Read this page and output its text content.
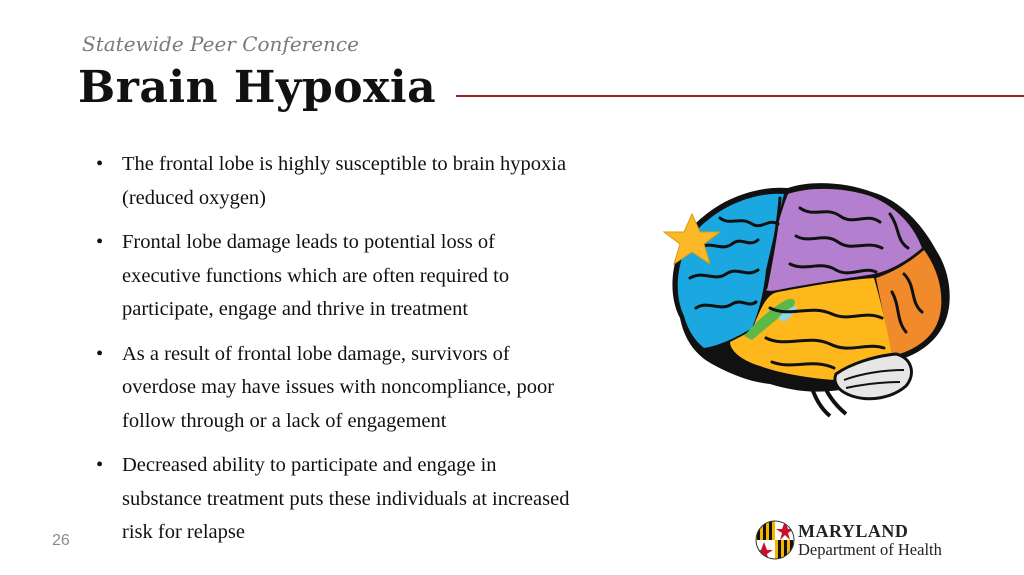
Statewide Peer Conference
Brain Hypoxia
• The frontal lobe is highly susceptible to brain hypoxia (reduced oxygen)
• Frontal lobe damage leads to potential loss of executive functions which are often required to participate, engage and thrive in treatment
• As a result of frontal lobe damage, survivors of overdose may have issues with noncompliance, poor follow through or a lack of engagement
• Decreased ability to participate and engage in substance treatment puts these individuals at increased risk for relapse
26	MARYLAND
Department of Health
